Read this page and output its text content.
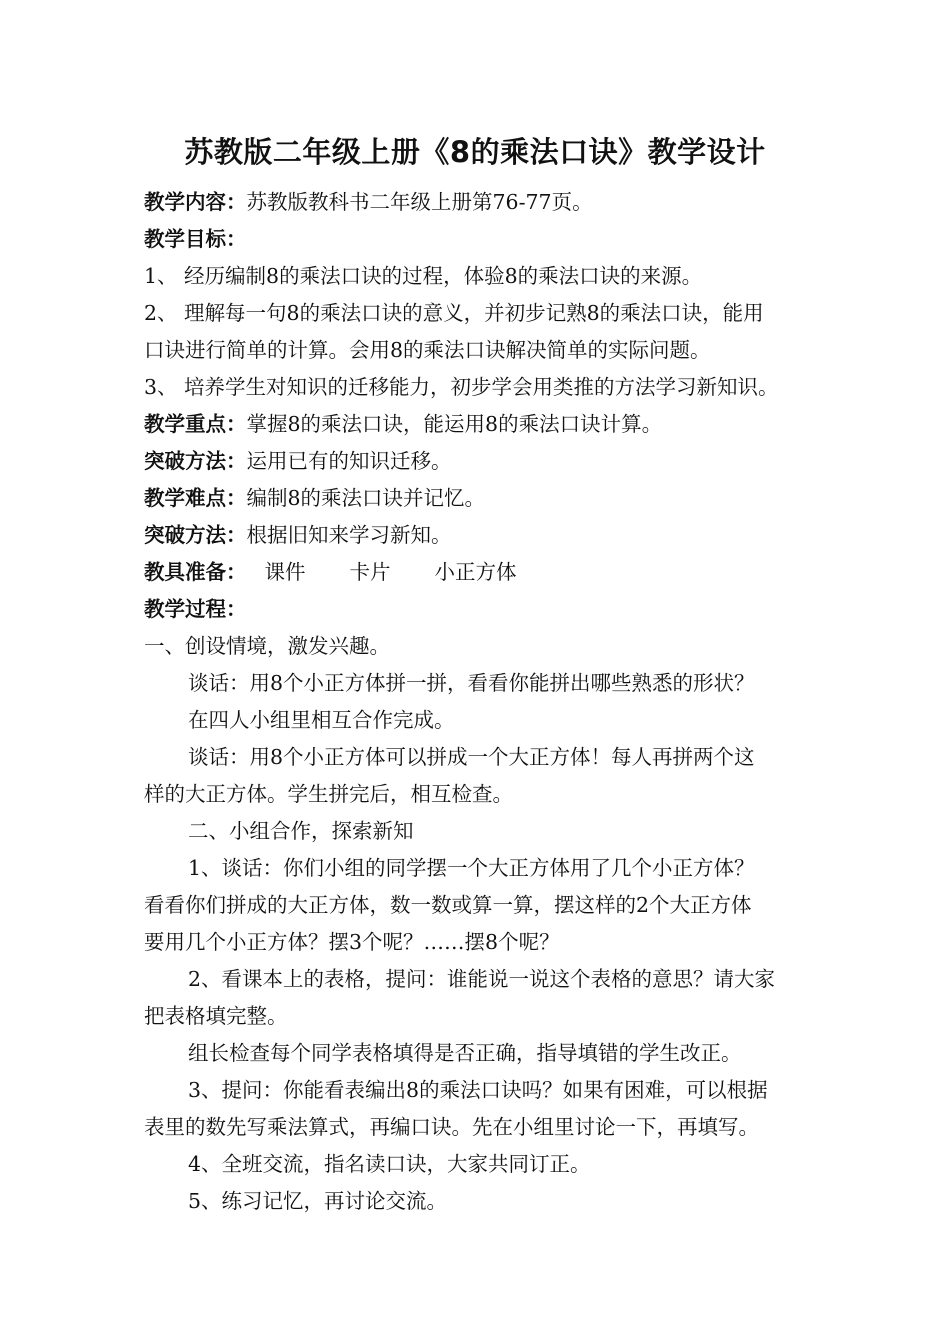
苏教版二年级上册《8的乘法口诀》教学设计
教学内容：苏教版教科书二年级上册第76-77页。
教学目标：
1、 经历编制8的乘法口诀的过程，体验8的乘法口诀的来源。
2、 理解每一句8的乘法口诀的意义，并初步记熟8的乘法口诀，能用
口诀进行简单的计算。会用8的乘法口诀解决简单的实际问题。
3、 培养学生对知识的迁移能力，初步学会用类推的方法学习新知识。
教学重点：掌握8的乘法口诀，能运用8的乘法口诀计算。
突破方法：运用已有的知识迁移。
教学难点：编制8的乘法口诀并记忆。
突破方法：根据旧知来学习新知。
教具准备： 课件 卡片 小正方体
教学过程：
一、创设情境，激发兴趣。
谈话：用8个小正方体拼一拼，看看你能拼出哪些熟悉的形状？
在四人小组里相互合作完成。
谈话：用8个小正方体可以拼成一个大正方体！每人再拼两个这
样的大正方体。学生拼完后，相互检查。
二、小组合作，探索新知
1、谈话：你们小组的同学摆一个大正方体用了几个小正方体？
看看你们拼成的大正方体，数一数或算一算，摆这样的2个大正方体
要用几个小正方体？摆3个呢？……摆8个呢？
2、看课本上的表格，提问：谁能说一说这个表格的意思？请大家
把表格填完整。
组长检查每个同学表格填得是否正确，指导填错的学生改正。
3、提问：你能看表编出8的乘法口诀吗？如果有困难，可以根据
表里的数先写乘法算式，再编口诀。先在小组里讨论一下，再填写。
4、全班交流，指名读口诀，大家共同订正。
5、练习记忆，再讨论交流。
